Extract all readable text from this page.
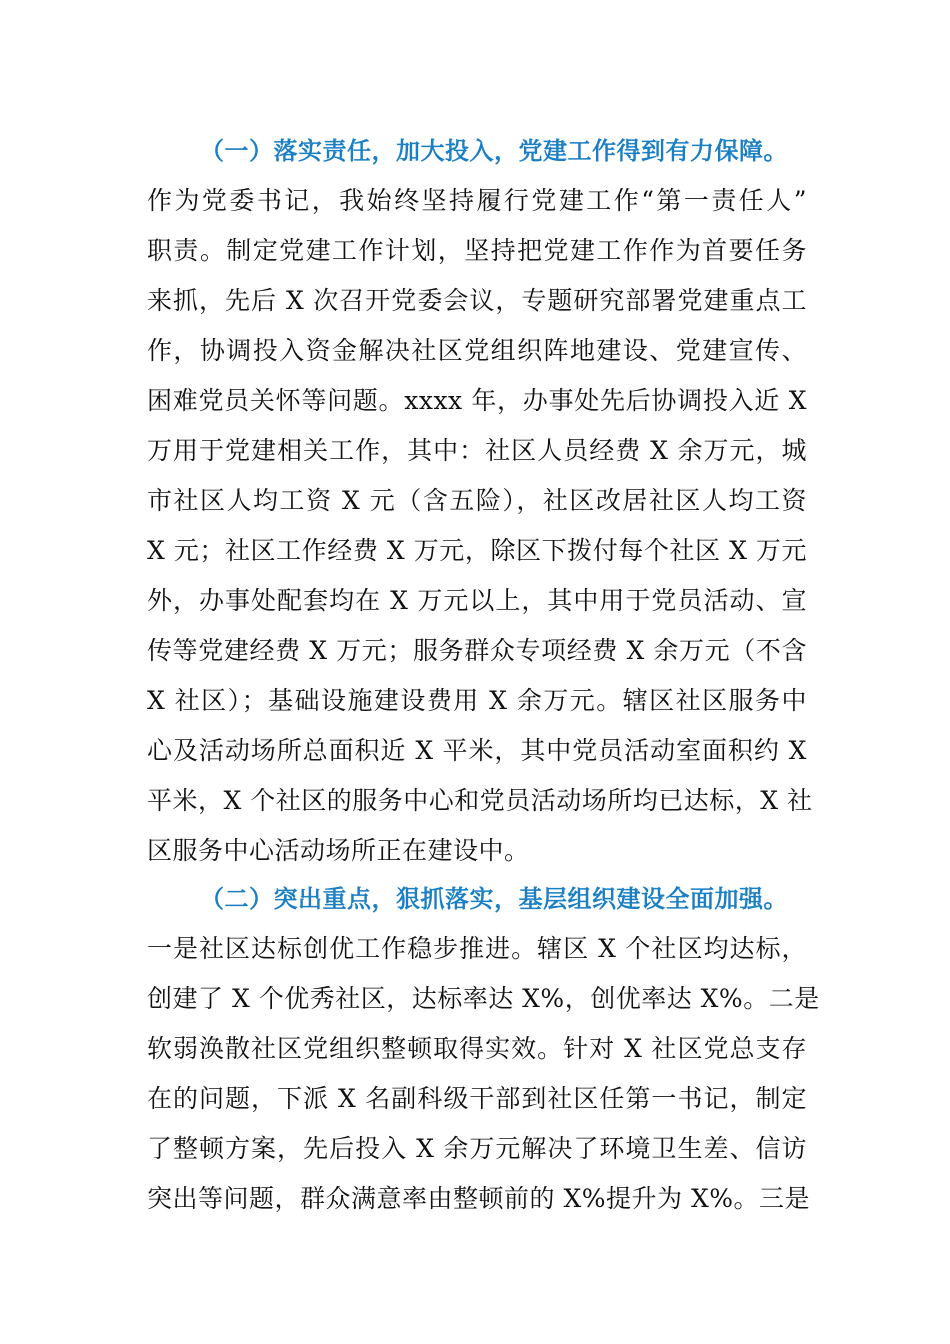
（一）落实责任，加大投入，党建工作得到有力保障。
作为党委书记，我始终坚持履行党建工作“第一责任人”
职责。制定党建工作计划，坚持把党建工作作为首要任务
来抓，先后 X 次召开党委会议，专题研究部署党建重点工
作，协调投入资金解决社区党组织阵地建设、党建宣传、
困难党员关怀等问题。xxxx 年，办事处先后协调投入近 X
万用于党建相关工作，其中：社区人员经费 X 余万元，城
市社区人均工资 X 元（含五险），社区改居社区人均工资
X 元；社区工作经费 X 万元，除区下拨付每个社区 X 万元
外，办事处配套均在 X 万元以上，其中用于党员活动、宣
传等党建经费 X 万元；服务群众专项经费 X 余万元（不含
X 社区）；基础设施建设费用 X 余万元。辖区社区服务中
心及活动场所总面积近 X 平米，其中党员活动室面积约 X
平米，X 个社区的服务中心和党员活动场所均已达标，X 社
区服务中心活动场所正在建设中。
（二）突出重点，狠抓落实，基层组织建设全面加强。
一是社区达标创优工作稳步推进。辖区 X 个社区均达标，
创建了 X 个优秀社区，达标率达 X%，创优率达 X%。二是
软弱涣散社区党组织整顿取得实效。针对 X 社区党总支存
在的问题，下派 X 名副科级干部到社区任第一书记，制定
了整顿方案，先后投入 X 余万元解决了环境卫生差、信访
突出等问题，群众满意率由整顿前的 X%提升为 X%。三是
